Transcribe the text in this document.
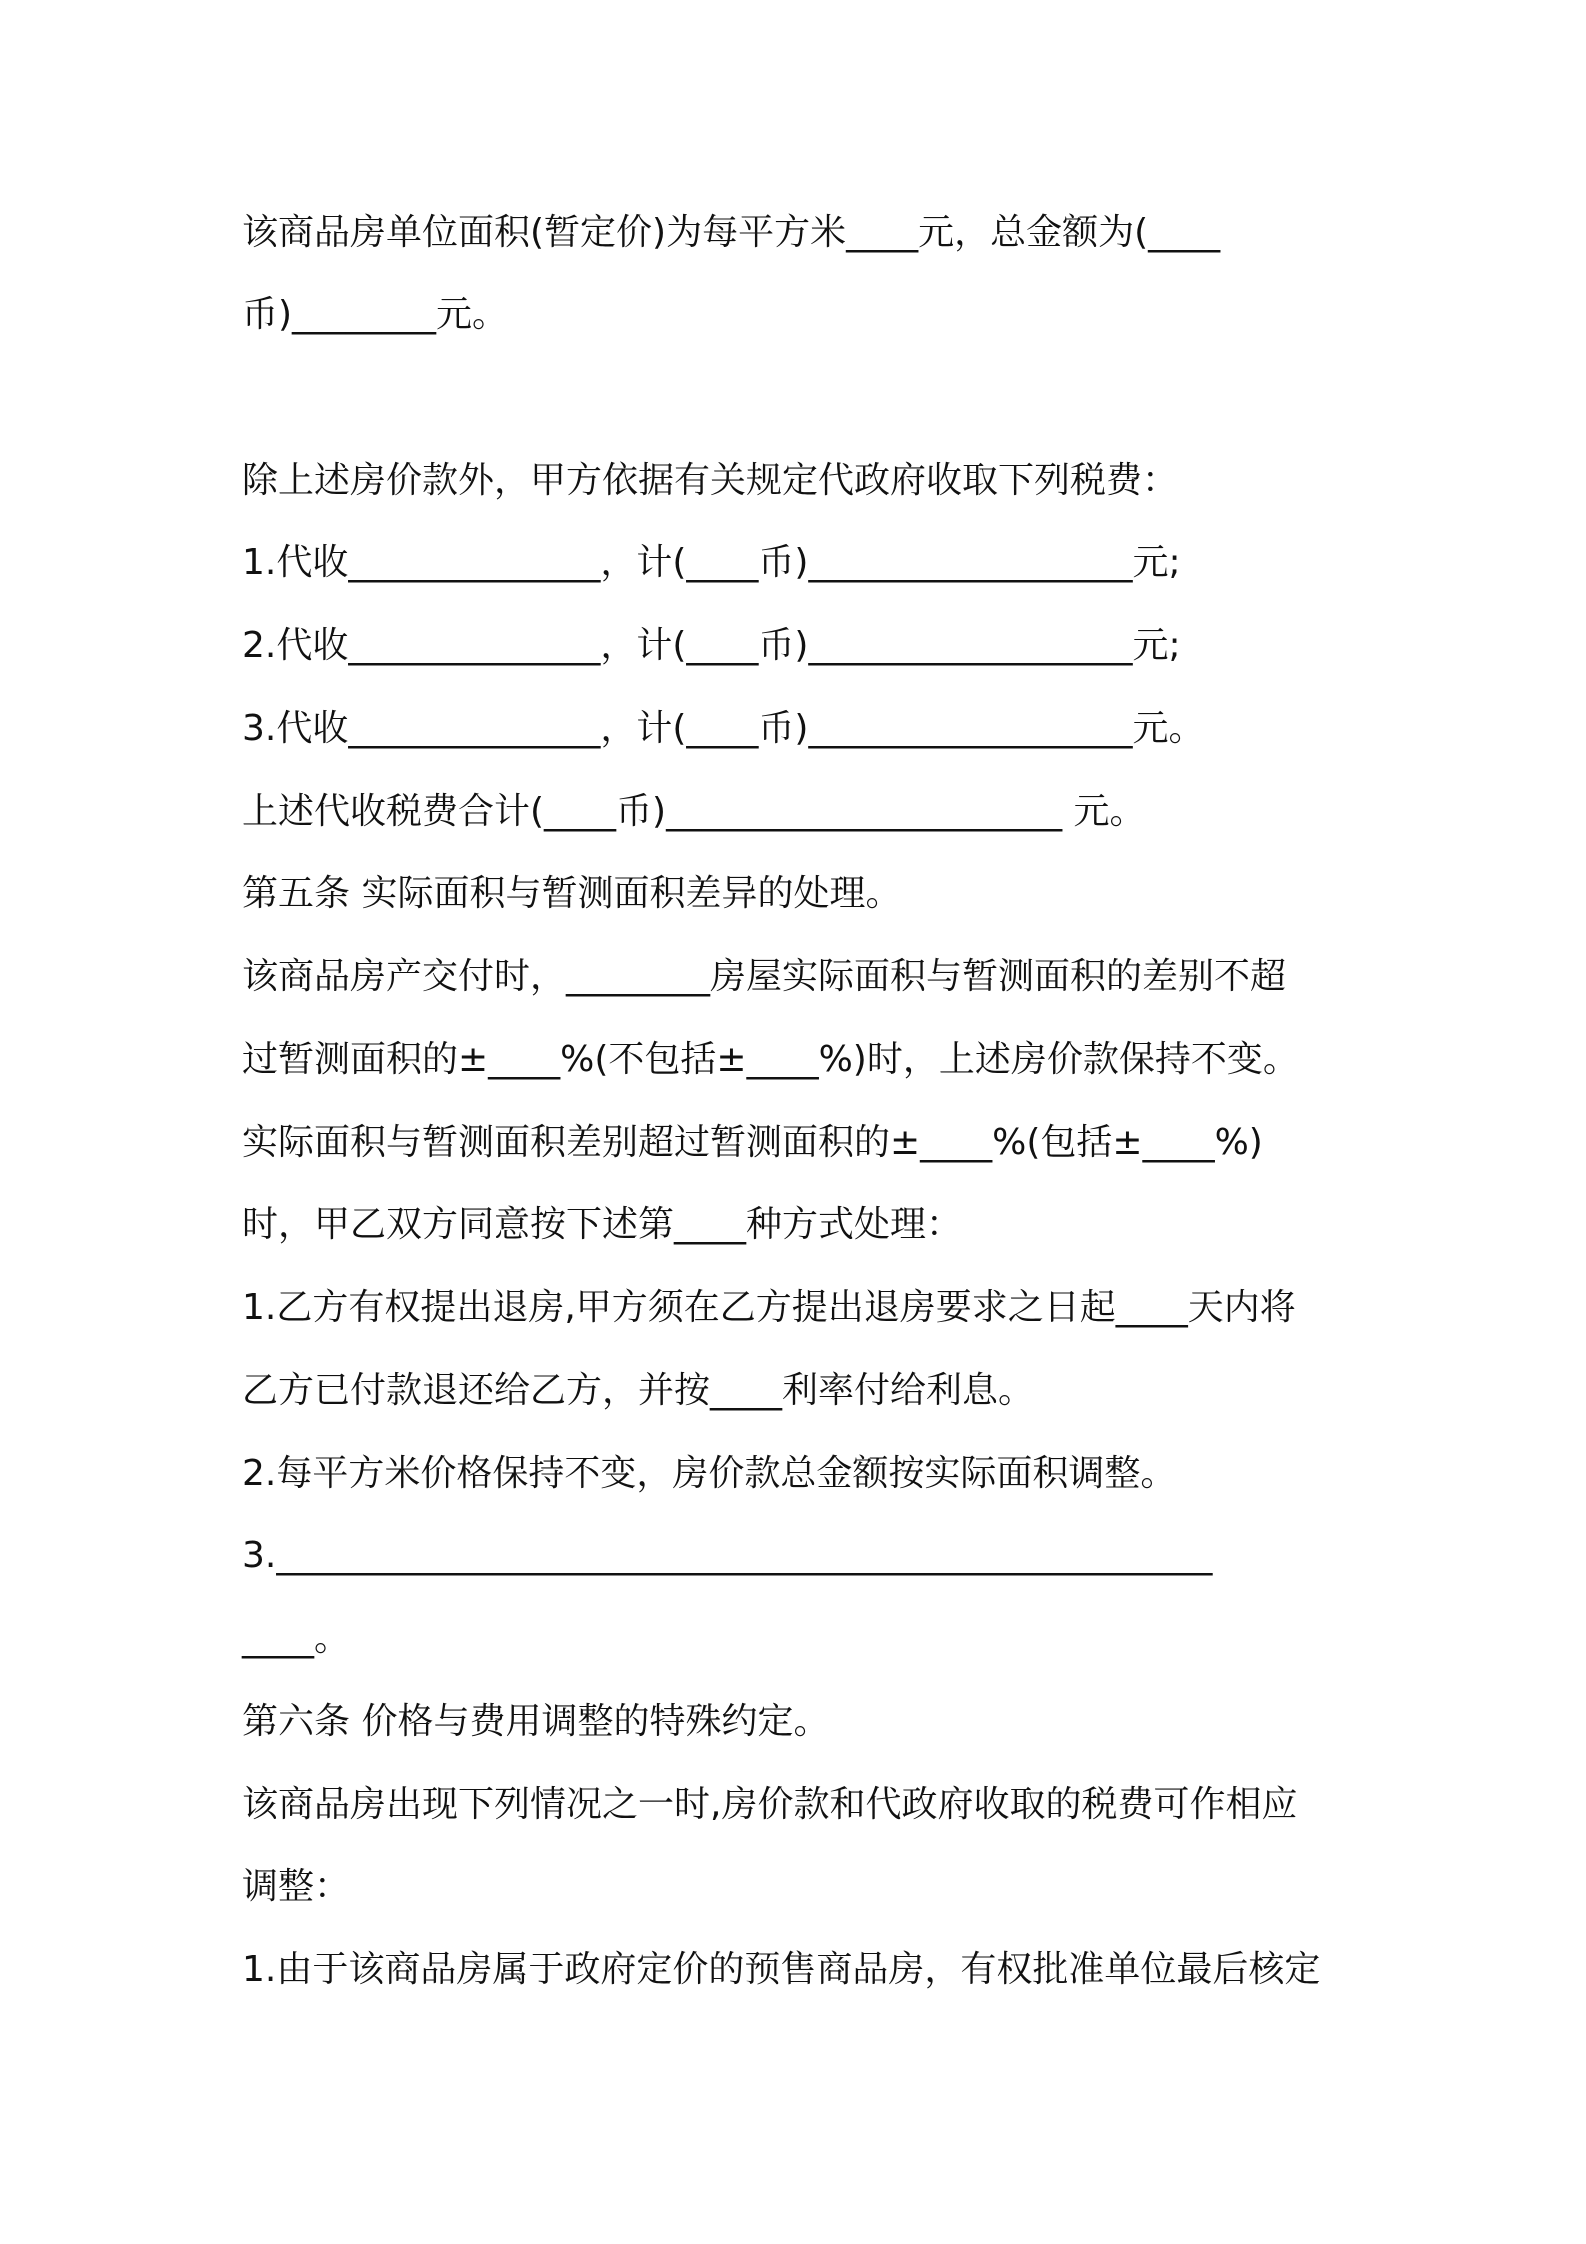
该商品房单位面积(暂定价)为每平方米____元，总金额为(____

币)________元。

除上述房价款外，甲方依据有关规定代政府收取下列税费：

1.代收______________，计(____币)__________________元;

2.代收______________，计(____币)__________________元;

3.代收______________，计(____币)__________________元。

上述代收税费合计(____币)______________________ 元。

第五条 实际面积与暂测面积差异的处理。

该商品房产交付时，________房屋实际面积与暂测面积的差别不超

过暂测面积的±____%(不包括±____%)时，上述房价款保持不变。

实际面积与暂测面积差别超过暂测面积的±____%(包括±____%)

时，甲乙双方同意按下述第____种方式处理：

1.乙方有权提出退房,甲方须在乙方提出退房要求之日起____天内将

乙方已付款退还给乙方，并按____利率付给利息。

2.每平方米价格保持不变，房价款总金额按实际面积调整。

3.____________________________________________________

____。

第六条 价格与费用调整的特殊约定。

该商品房出现下列情况之一时,房价款和代政府收取的税费可作相应

调整：

1.由于该商品房属于政府定价的预售商品房，有权批准单位最后核定
